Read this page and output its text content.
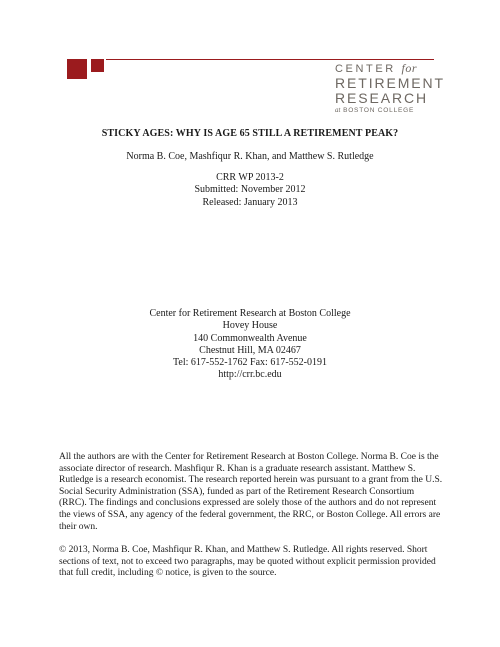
CENTER for
RETIREMENT
RESEARCH
at BOSTON COLLEGE
STICKY AGES: WHY IS AGE 65 STILL A RETIREMENT PEAK?

Norma B. Coe, Mashfiqur R. Khan, and Matthew S. Rutledge

CRR WP 2013-2
Submitted: November 2012
Released: January 2013
Center for Retirement Research at Boston College
Hovey House
140 Commonwealth Avenue
Chestnut Hill, MA 02467
Tel: 617-552-1762 Fax: 617-552-0191
http://crr.bc.edu

All the authors are with the Center for Retirement Research at Boston College. Norma B. Coe is the associate director of research. Mashfiqur R. Khan is a graduate research assistant. Matthew S. Rutledge is a research economist. The research reported herein was pursuant to a grant from the U.S. Social Security Administration (SSA), funded as part of the Retirement Research Consortium (RRC). The findings and conclusions expressed are solely those of the authors and do not represent the views of SSA, any agency of the federal government, the RRC, or Boston College. All errors are their own.

© 2013, Norma B. Coe, Mashfiqur R. Khan, and Matthew S. Rutledge. All rights reserved. Short sections of text, not to exceed two paragraphs, may be quoted without explicit permission provided that full credit, including © notice, is given to the source.
